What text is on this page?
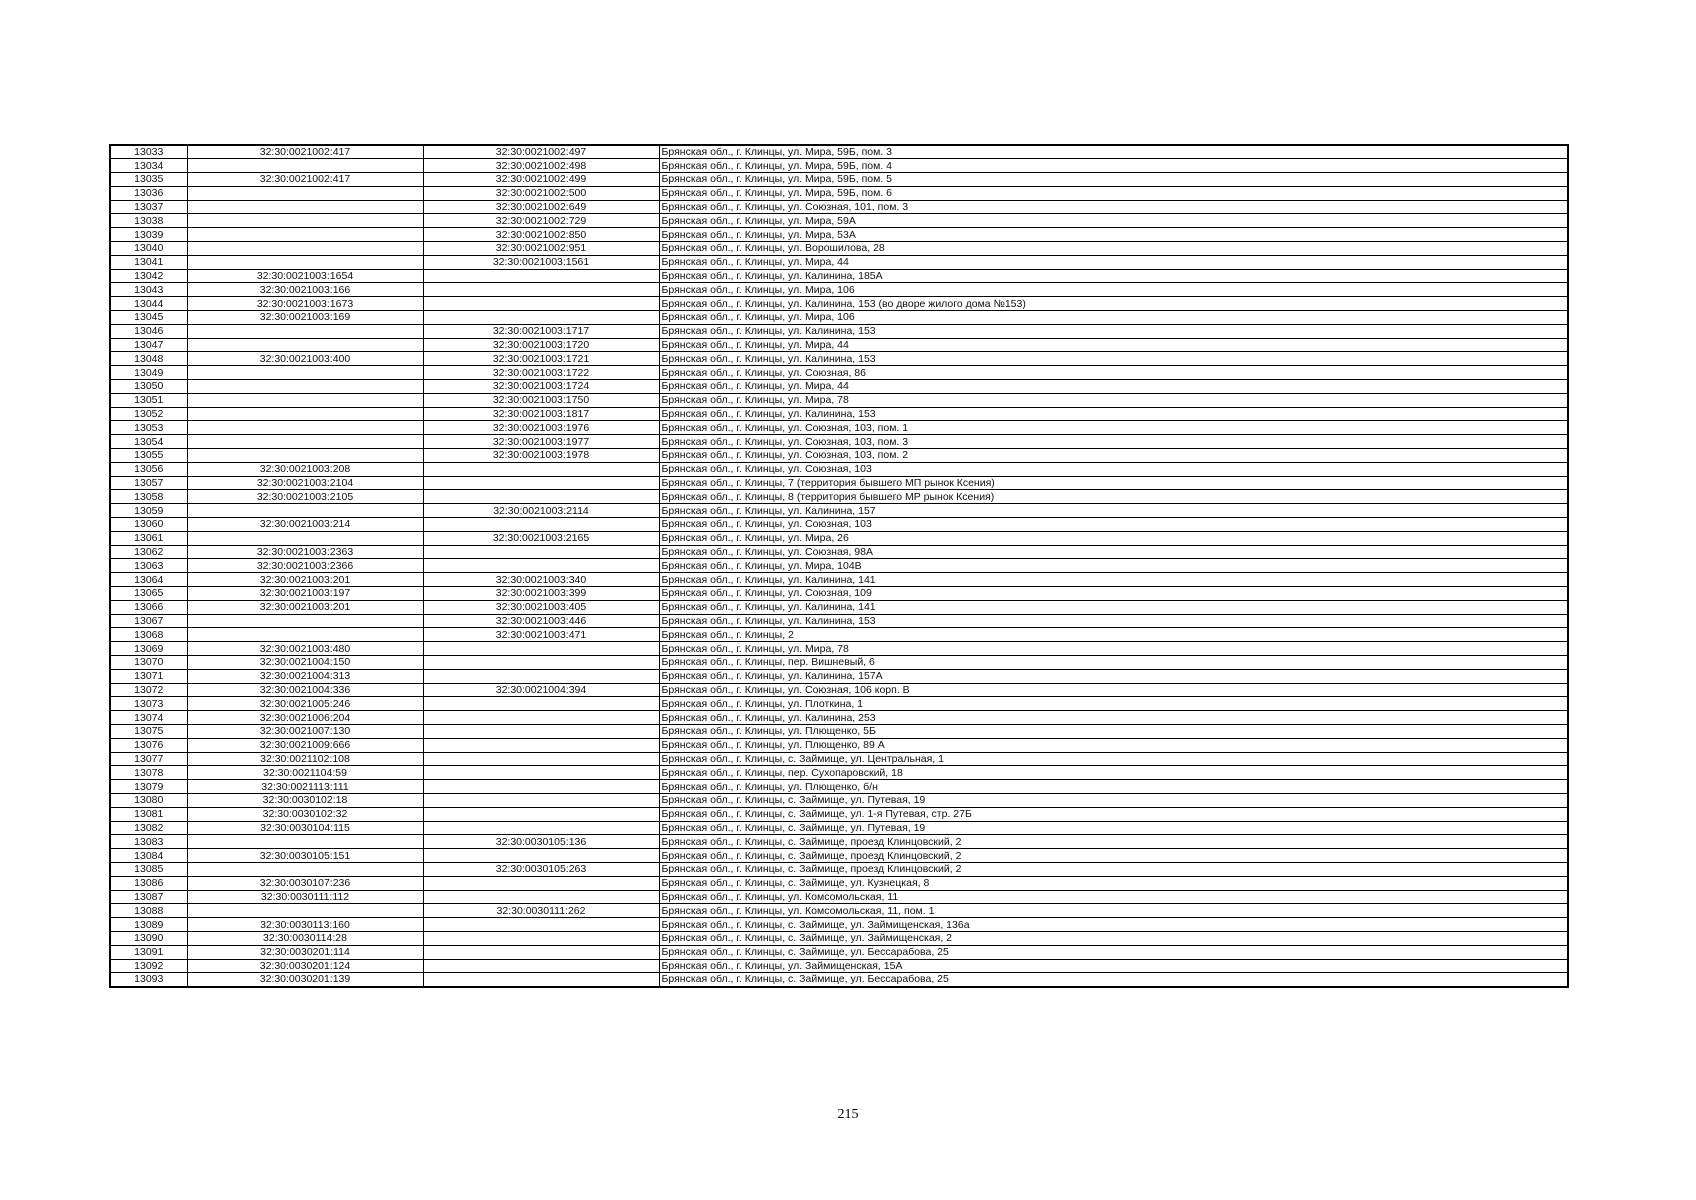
13033	32:30:0021002:417	32:30:0021002:497	Брянская обл., г. Клинцы, ул. Мира, 59Б, пом. 3
13034		32:30:0021002:498	Брянская обл., г. Клинцы, ул. Мира, 59Б, пом. 4
13035	32:30:0021002:417	32:30:0021002:499	Брянская обл., г. Клинцы, ул. Мира, 59Б, пом. 5
13036		32:30:0021002:500	Брянская обл., г. Клинцы, ул. Мира, 59Б, пом. 6
13037		32:30:0021002:649	Брянская обл., г. Клинцы, ул. Союзная, 101, пом. 3
13038		32:30:0021002:729	Брянская обл., г. Клинцы, ул. Мира, 59А
13039		32:30:0021002:850	Брянская обл., г. Клинцы, ул. Мира, 53А
13040		32:30:0021002:951	Брянская обл., г. Клинцы, ул. Ворошилова, 28
13041		32:30:0021003:1561	Брянская обл., г. Клинцы, ул. Мира, 44
13042	32:30:0021003:1654		Брянская обл., г. Клинцы, ул. Калинина, 185А
13043	32:30:0021003:166		Брянская обл., г. Клинцы, ул. Мира, 106
13044	32:30:0021003:1673		Брянская обл., г. Клинцы, ул. Калинина, 153 (во дворе жилого дома №153)
13045	32:30:0021003:169		Брянская обл., г. Клинцы, ул. Мира, 106
13046		32:30:0021003:1717	Брянская обл., г. Клинцы, ул. Калинина, 153
13047		32:30:0021003:1720	Брянская обл., г. Клинцы, ул. Мира, 44
13048	32:30:0021003:400	32:30:0021003:1721	Брянская обл., г. Клинцы, ул. Калинина, 153
13049		32:30:0021003:1722	Брянская обл., г. Клинцы, ул. Союзная, 86
13050		32:30:0021003:1724	Брянская обл., г. Клинцы, ул. Мира, 44
13051		32:30:0021003:1750	Брянская обл., г. Клинцы, ул. Мира, 78
13052		32:30:0021003:1817	Брянская обл., г. Клинцы, ул. Калинина, 153
13053		32:30:0021003:1976	Брянская обл., г. Клинцы, ул. Союзная, 103, пом. 1
13054		32:30:0021003:1977	Брянская обл., г. Клинцы, ул. Союзная, 103, пом. 3
13055		32:30:0021003:1978	Брянская обл., г. Клинцы, ул. Союзная, 103, пом. 2
13056	32:30:0021003:208		Брянская обл., г. Клинцы, ул. Союзная, 103
13057	32:30:0021003:2104		Брянская обл., г. Клинцы, 7 (территория бывшего МП рынок Ксения)
13058	32:30:0021003:2105		Брянская обл., г. Клинцы, 8 (территория бывшего МР рынок Ксения)
13059		32:30:0021003:2114	Брянская обл., г. Клинцы, ул. Калинина, 157
13060	32:30:0021003:214		Брянская обл., г. Клинцы, ул. Союзная, 103
13061		32:30:0021003:2165	Брянская обл., г. Клинцы, ул. Мира, 26
13062	32:30:0021003:2363		Брянская обл., г. Клинцы, ул. Союзная, 98А
13063	32:30:0021003:2366		Брянская обл., г. Клинцы, ул. Мира, 104В
13064	32:30:0021003:201	32:30:0021003:340	Брянская обл., г. Клинцы, ул. Калинина, 141
13065	32:30:0021003:197	32:30:0021003:399	Брянская обл., г. Клинцы, ул. Союзная, 109
13066	32:30:0021003:201	32:30:0021003:405	Брянская обл., г. Клинцы, ул. Калинина, 141
13067		32:30:0021003:446	Брянская обл., г. Клинцы, ул. Калинина, 153
13068		32:30:0021003:471	Брянская обл., г. Клинцы, 2
13069	32:30:0021003:480		Брянская обл., г. Клинцы, ул. Мира, 78
13070	32:30:0021004:150		Брянская обл., г. Клинцы, пер. Вишневый, 6
13071	32:30:0021004:313		Брянская обл., г. Клинцы, ул. Калинина, 157А
13072	32:30:0021004:336	32:30:0021004:394	Брянская обл., г. Клинцы, ул. Союзная, 106 корп. В
13073	32:30:0021005:246		Брянская обл., г. Клинцы, ул. Плоткина, 1
13074	32:30:0021006:204		Брянская обл., г. Клинцы, ул. Калинина, 253
13075	32:30:0021007:130		Брянская обл., г. Клинцы, ул. Плющенко, 5Б
13076	32:30:0021009:666		Брянская обл., г. Клинцы, ул. Плющенко, 89 А
13077	32:30:0021102:108		Брянская обл., г. Клинцы, с. Займище, ул. Центральная, 1
13078	32:30:0021104:59		Брянская обл., г. Клинцы, пер. Сухопаровский, 18
13079	32:30:0021113:111		Брянская обл., г. Клинцы, ул. Плющенко, б/н
13080	32:30:0030102:18		Брянская обл., г. Клинцы, с. Займище, ул. Путевая, 19
13081	32:30:0030102:32		Брянская обл., г. Клинцы, с. Займище, ул. 1-я Путевая, стр. 27Б
13082	32:30:0030104:115		Брянская обл., г. Клинцы, с. Займище, ул. Путевая, 19
13083		32:30:0030105:136	Брянская обл., г. Клинцы, с. Займище, проезд Клинцовский, 2
13084	32:30:0030105:151		Брянская обл., г. Клинцы, с. Займище, проезд Клинцовский, 2
13085		32:30:0030105:263	Брянская обл., г. Клинцы, с. Займище, проезд Клинцовский, 2
13086	32:30:0030107:236		Брянская обл., г. Клинцы, с. Займище, ул. Кузнецкая, 8
13087	32:30:0030111:112		Брянская обл., г. Клинцы, ул. Комсомольская, 11
13088		32:30:0030111:262	Брянская обл., г. Клинцы, ул. Комсомольская, 11, пом. 1
13089	32:30:0030113:160		Брянская обл., г. Клинцы, с. Займище, ул. Займищенская, 136а
13090	32:30:0030114:28		Брянская обл., г. Клинцы, с. Займище, ул. Займищенская, 2
13091	32:30:0030201:114		Брянская обл., г. Клинцы, с. Займище, ул. Бессарабова, 25
13092	32:30:0030201:124		Брянская обл., г. Клинцы, ул. Займищенская, 15А
13093	32:30:0030201:139		Брянская обл., г. Клинцы, с. Займище, ул. Бессарабова, 25
215
